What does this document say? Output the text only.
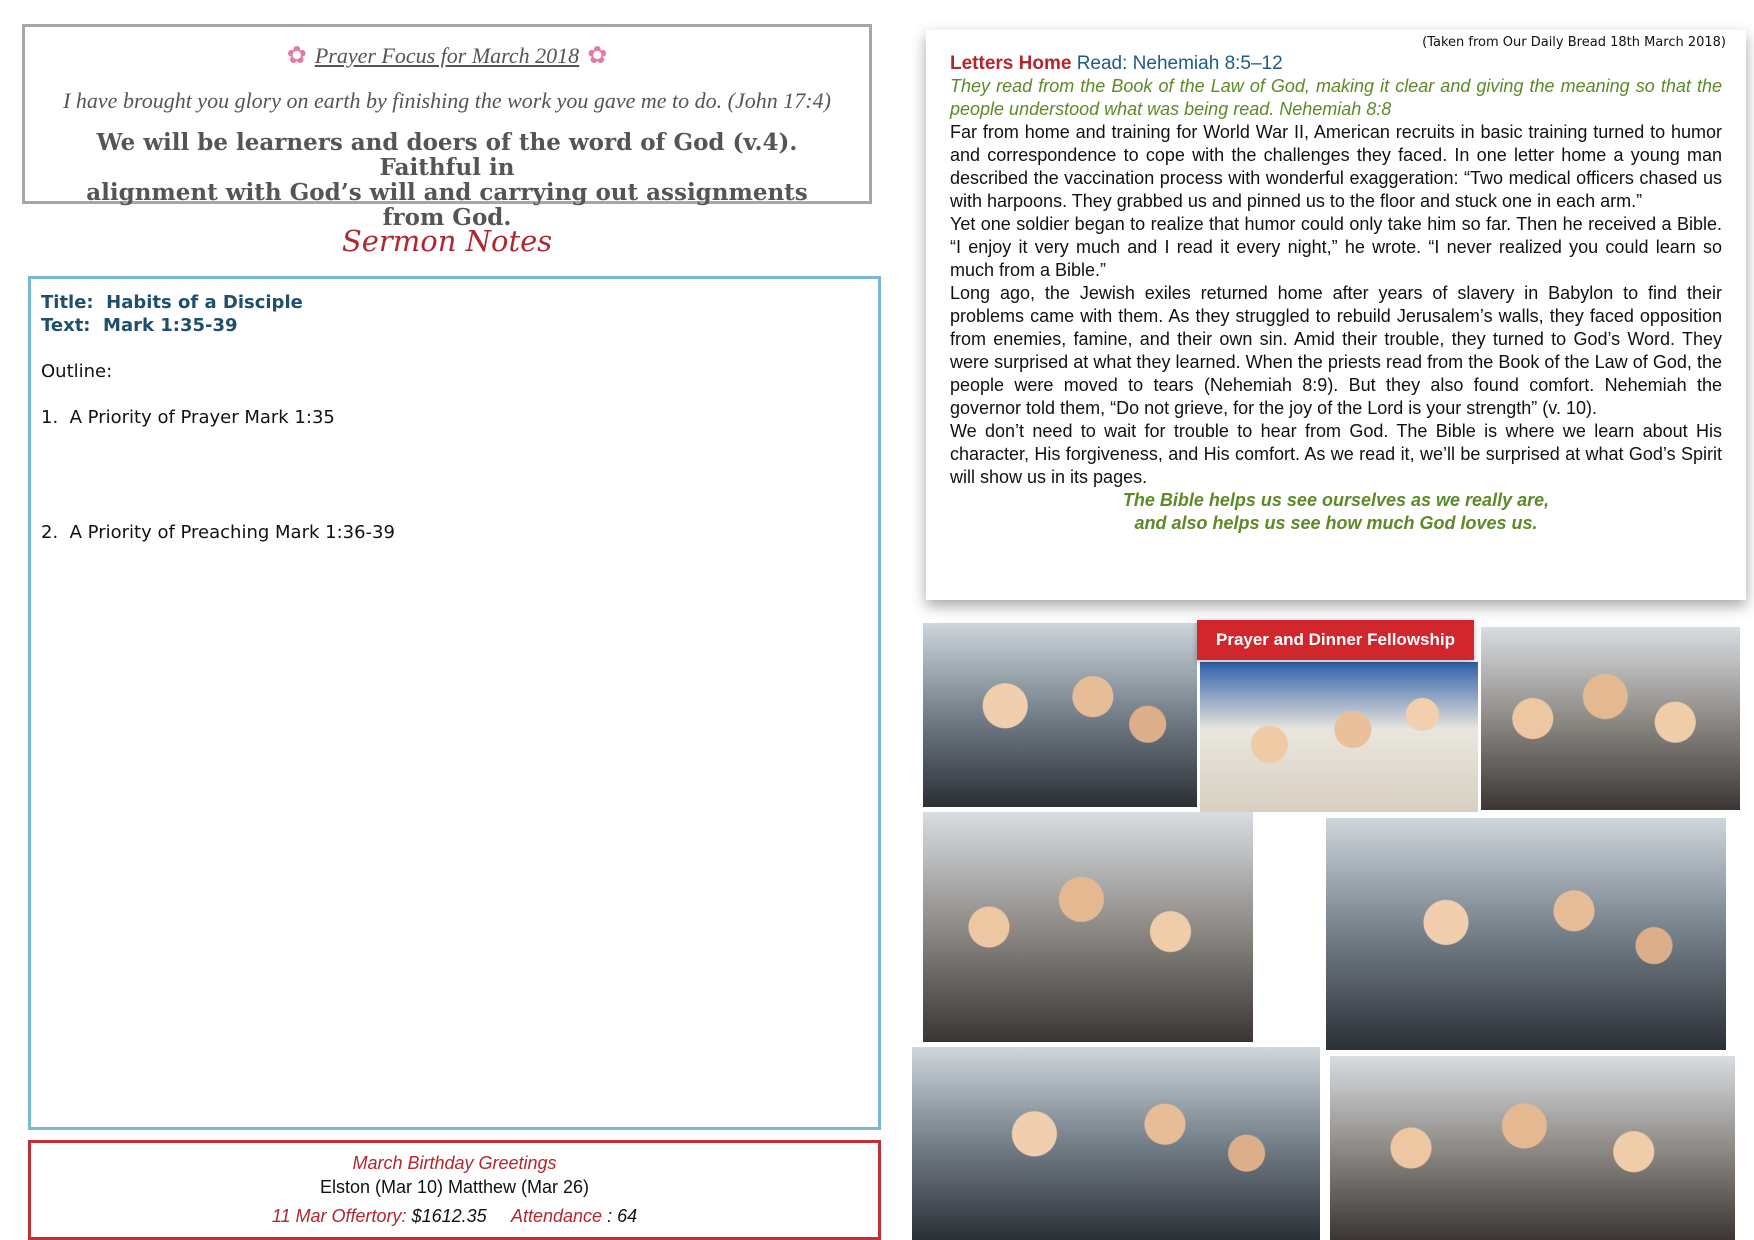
✿ Prayer Focus for March 2018 ✿
I have brought you glory on earth by finishing the work you gave me to do. (John 17:4)
We will be learners and doers of the word of God (v.4). Faithful in
alignment with God’s will and carrying out assignments from God.
Sermon Notes
Title:  Habits of a Disciple
Text:  Mark 1:35-39
Outline:
1.  A Priority of Prayer Mark 1:35
2.  A Priority of Preaching Mark 1:36-39
March Birthday Greetings
Elston (Mar 10) Matthew (Mar 26)
11 Mar Offertory: $1612.35 Attendance : 64
(Taken from Our Daily Bread 18th March 2018)
Letters Home Read: Nehemiah 8:5–12

They read from the Book of the Law of God, making it clear and giving the meaning so that the people understood what was being read. Nehemiah 8:8

Far from home and training for World War II, American recruits in basic training turned to humor and correspondence to cope with the challenges they faced. In one letter home a young man described the vaccination process with wonderful exaggeration: “Two medical officers chased us with harpoons. They grabbed us and pinned us to the floor and stuck one in each arm.”

Yet one soldier began to realize that humor could only take him so far. Then he received a Bible. “I enjoy it very much and I read it every night,” he wrote. “I never realized you could learn so much from a Bible.”

Long ago, the Jewish exiles returned home after years of slavery in Babylon to find their problems came with them. As they struggled to rebuild Jerusalem’s walls, they faced opposition from enemies, famine, and their own sin. Amid their trouble, they turned to God’s Word. They were surprised at what they learned. When the priests read from the Book of the Law of God, the people were moved to tears (Nehemiah 8:9). But they also found comfort. Nehemiah the governor told them, “Do not grieve, for the joy of the Lord is your strength” (v. 10).

We don’t need to wait for trouble to hear from God. The Bible is where we learn about His character, His forgiveness, and His comfort. As we read it, we’ll be surprised at what God’s Spirit will show us in its pages.

The Bible helps us see ourselves as we really are,
and also helps us see how much God loves us.
Prayer and Dinner Fellowship
